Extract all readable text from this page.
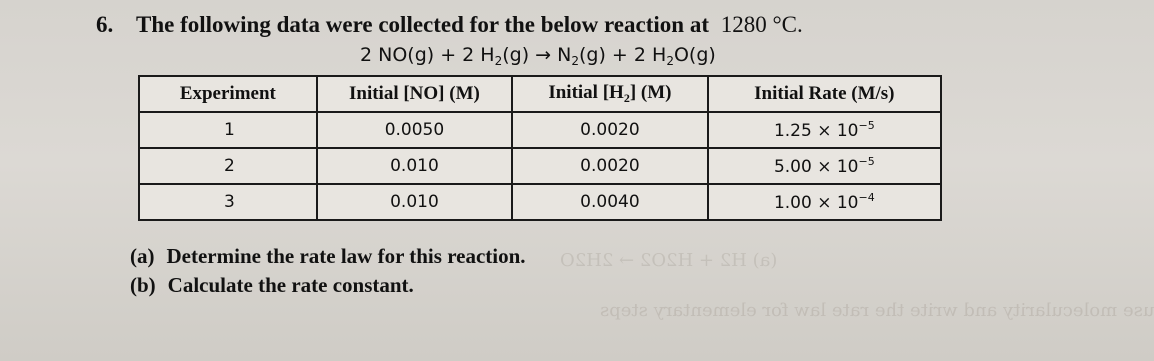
use molecularity and write the rate law for elementary steps
(a) H2 + H2O2 → 2H2O
6. The following data were collected for the below reaction at 1280 °C.
2 NO(g) + 2 $H_2(g) \to N_2(g) + 2$ $H_2O(g)$
Experiment	Initial [NO] (M)	Initial $[H_2]$ (M)	Initial Rate (M/s)
1	0.0050	0.0020	$1.25 \times 10^{-5}$
2	0.010	0.0020	$5.00 \times 10^{-5}$
3	0.010	0.0040	$1.00 \times 10^{-4}$
(a) Determine the rate law for this reaction.
(b) Calculate the rate constant.
